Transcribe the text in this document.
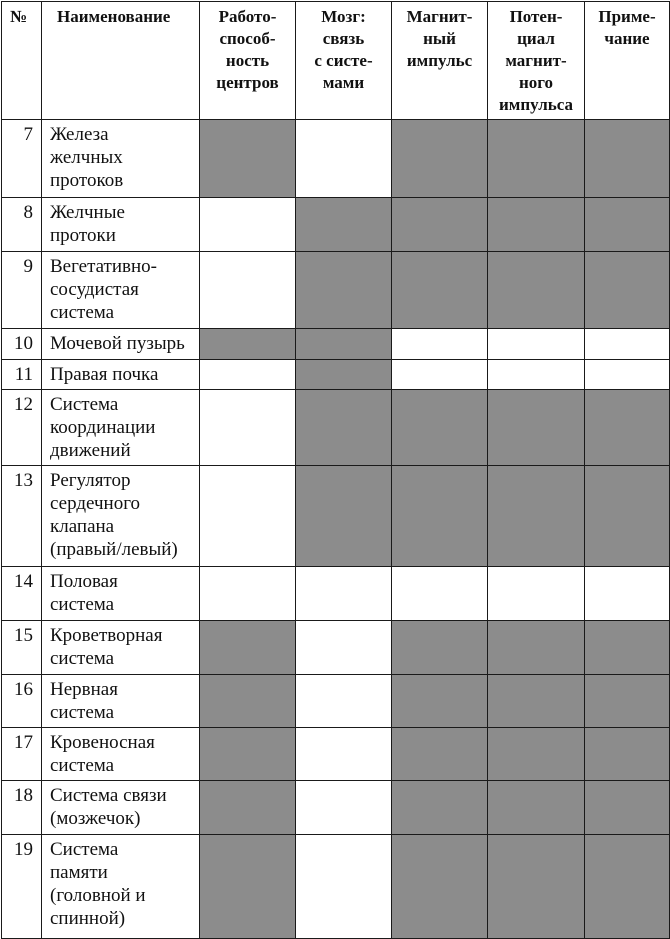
№	Наименование	Работо-
способ-
ность
центров	Мозг:
связь
с систе-
мами	Магнит-
ный
импульс	Потен-
циал
магнит-
ного
импульса	Приме-
чание

7	Железа
желчных
протоков					

8	Желчные
протоки					

9	Вегетативно-
сосудистая
система					

10	Мочевой пузырь					

11	Правая почка					

12	Система
координации
движений					

13	Регулятор
сердечного
клапана
(правый/левый)					

14	Половая
система					

15	Кроветворная
система					

16	Нервная
система					

17	Кровеносная
система					

18	Система связи
(мозжечок)					

19	Система
памяти
(головной и
спинной)					
